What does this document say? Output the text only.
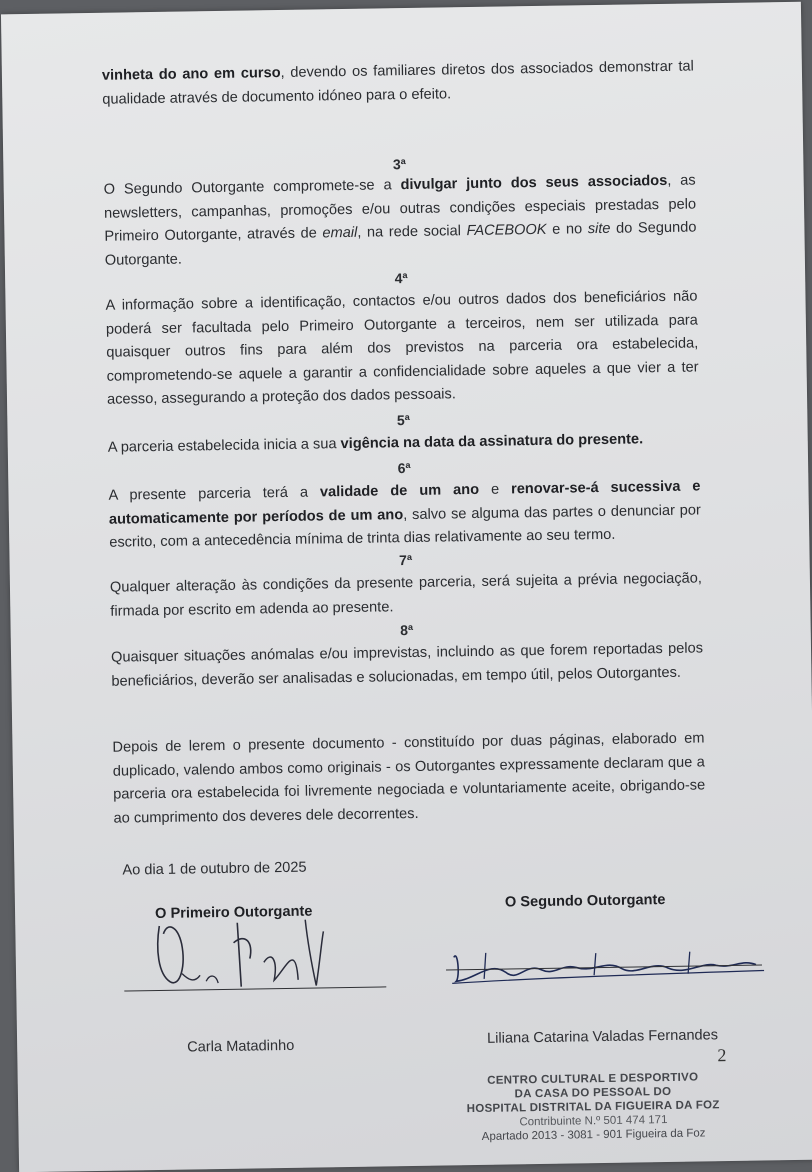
vinheta do ano em curso, devendo os familiares diretos dos associados demonstrar tal qualidade através de documento idóneo para o efeito.
3ª
O Segundo Outorgante compromete-se a divulgar junto dos seus associados, as newsletters, campanhas, promoções e/ou outras condições especiais prestadas pelo Primeiro Outorgante, através de email, na rede social FACEBOOK e no site do Segundo Outorgante.
4ª
A informação sobre a identificação, contactos e/ou outros dados dos beneficiários não poderá ser facultada pelo Primeiro Outorgante a terceiros, nem ser utilizada para quaisquer outros fins para além dos previstos na parceria ora estabelecida, comprometendo-se aquele a garantir a confidencialidade sobre aqueles a que vier a ter acesso, assegurando a proteção dos dados pessoais.
5ª
A parceria estabelecida inicia a sua vigência na data da assinatura do presente.
6ª
A presente parceria terá a validade de um ano e renovar-se-á sucessiva e automaticamente por períodos de um ano, salvo se alguma das partes o denunciar por escrito, com a antecedência mínima de trinta dias relativamente ao seu termo.
7ª
Qualquer alteração às condições da presente parceria, será sujeita a prévia negociação, firmada por escrito em adenda ao presente.
8ª
Quaisquer situações anómalas e/ou imprevistas, incluindo as que forem reportadas pelos beneficiários, deverão ser analisadas e solucionadas, em tempo útil, pelos Outorgantes.
Depois de lerem o presente documento - constituído por duas páginas, elaborado em duplicado, valendo ambos como originais - os Outorgantes expressamente declaram que a parceria ora estabelecida foi livremente negociada e voluntariamente aceite, obrigando-se ao cumprimento dos deveres dele decorrentes.
Ao dia 1 de outubro de 2025
O Primeiro Outorgante
Carla Matadinho
O Segundo Outorgante
Liliana Catarina Valadas Fernandes
2
CENTRO CULTURAL E DESPORTIVO
DA CASA DO PESSOAL DO
HOSPITAL DISTRITAL DA FIGUEIRA DA FOZ
Contribuinte N.º 501 474 171
Apartado 2013 - 3081 - 901 Figueira da Foz
